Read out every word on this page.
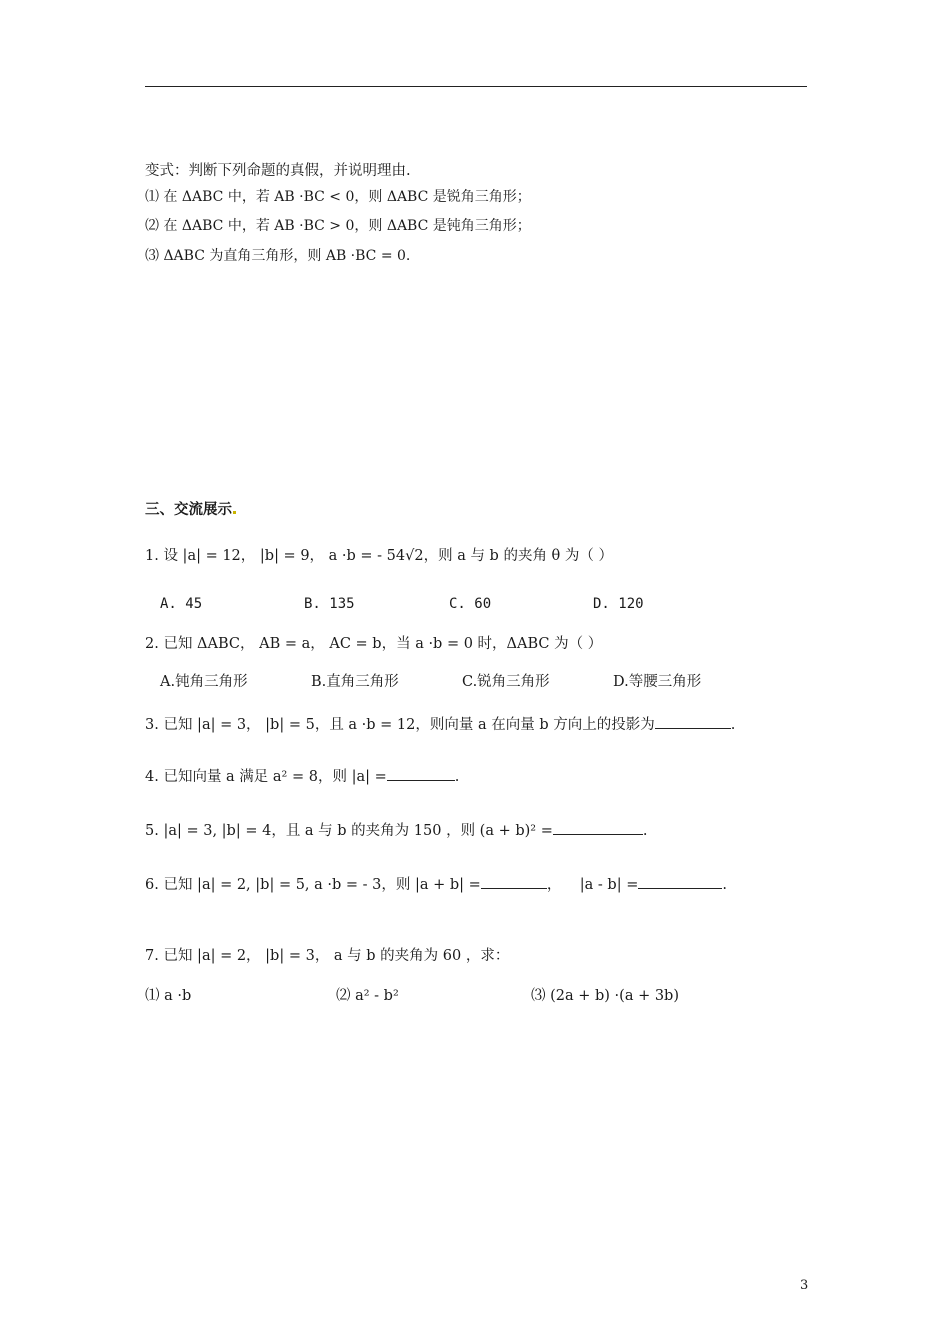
变式：判断下列命题的真假，并说明理由.
⑴ 在 ΔABC 中，若 AB ·BC < 0，则 ΔABC 是锐角三角形；
⑵ 在 ΔABC 中，若 AB ·BC > 0，则 ΔABC 是钝角三角形；
⑶ ΔABC 为直角三角形，则 AB ·BC = 0.
三、交流展示
1. 设 |a| = 12， |b| = 9， a ·b = - 54√2，则 a 与 b 的夹角 θ 为（ ）
A. 45	B. 135	C. 60	D. 120
2. 已知 ΔABC， AB = a， AC = b，当 a ·b = 0 时，ΔABC 为（ ）
A.钝角三角形	B.直角三角形	C.锐角三角形	D.等腰三角形
3. 已知 |a| = 3， |b| = 5，且 a ·b = 12，则向量 a 在向量 b 方向上的投影为	.
4. 已知向量 a 满足 a² = 8，则 |a| =	.
5. |a| = 3, |b| = 4，且 a 与 b 的夹角为 150 ，则 (a + b)² =	.
6. 已知 |a| = 2, |b| = 5, a ·b = - 3，则 |a + b| =	， |a - b| =	.
7. 已知 |a| = 2， |b| = 3， a 与 b 的夹角为 60 ，求：
⑴ a ·b	⑵ a² - b²	⑶ (2a + b) ·(a + 3b)
3
